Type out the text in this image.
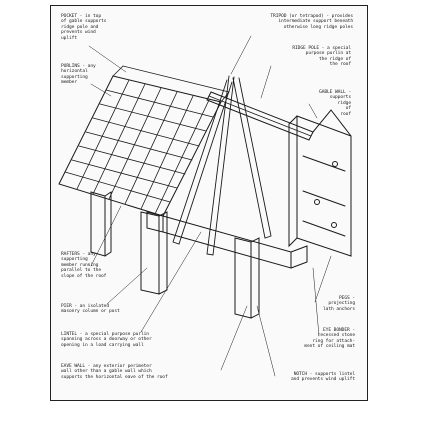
POCKET - in top
of gable supports
ridge pole and
prevents wind
uplift
TRIPOD (or tetrapod) - provides
intermediate support beneath
otherwise long ridge poles
RIDGE POLE - a special
purpose purlin at
the ridge of
the roof
PURLINS - any
horizontal
supporting
member
GABLE WALL -
supports
ridge
of
roof
RAFTERS - any
supporting
member running
parallel to the
slope of the roof
PIER - an isolated
masonry column or post
PEGS -
projecting
lath anchors
LINTEL - a special purpose purlin
spanning across a doorway or other
opening in a load carrying wall
EYE BONDER -
recessed stone
ring for attach-
ment of ceiling mat
EAVE WALL - any exterior perimeter
wall other than a gable wall which
supports the horizontal eave of the roof
NOTCH - supports lintel
and prevents wind uplift
